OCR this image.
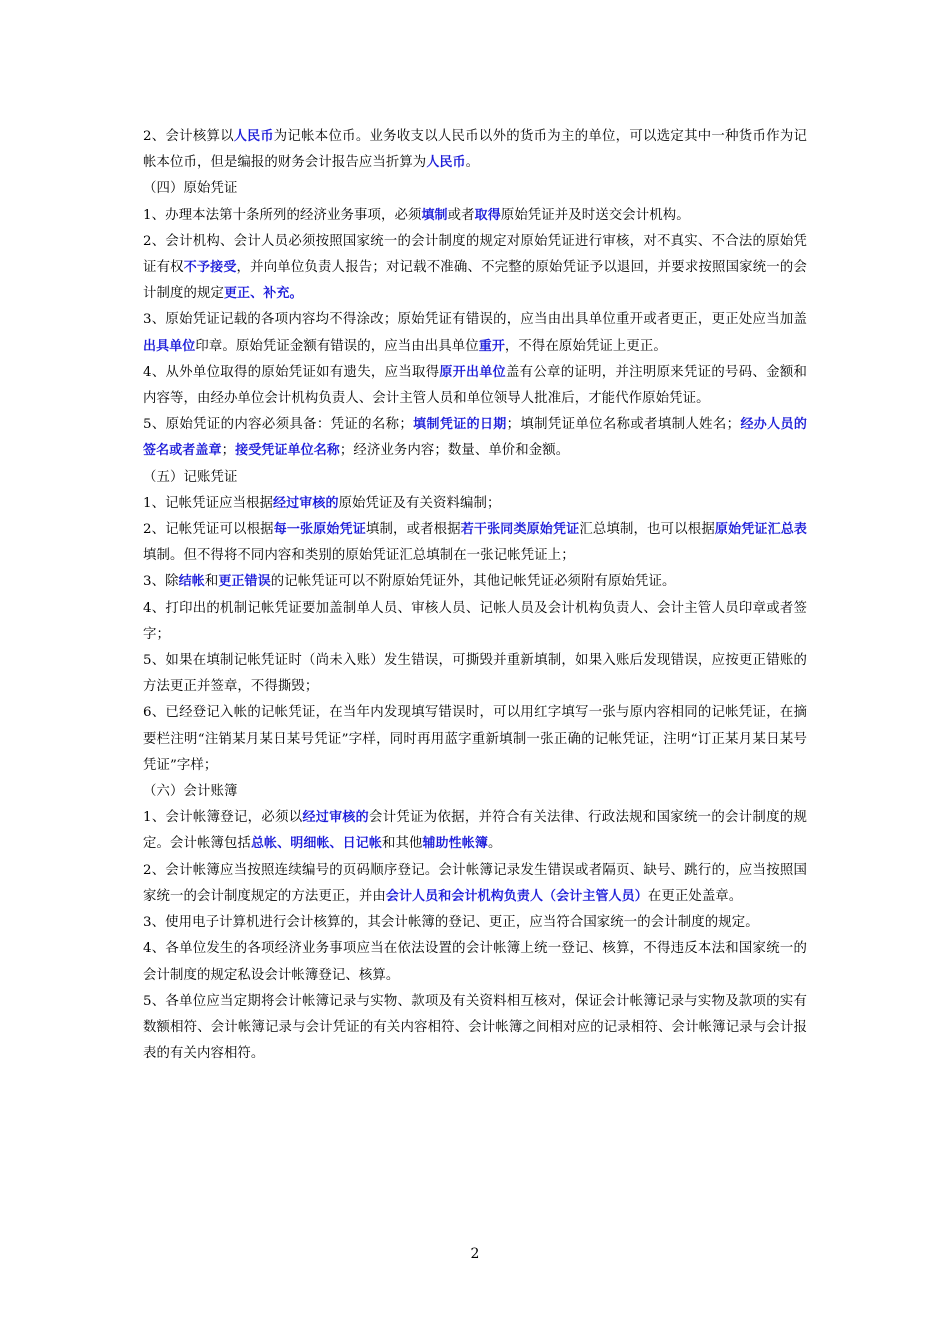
2、会计核算以人民币为记帐本位币。业务收支以人民币以外的货币为主的单位，可以选定其中一种货币作为记帐本位币，但是编报的财务会计报告应当折算为人民币。

（四）原始凭证

1、办理本法第十条所列的经济业务事项，必须填制或者取得原始凭证并及时送交会计机构。

2、会计机构、会计人员必须按照国家统一的会计制度的规定对原始凭证进行审核，对不真实、不合法的原始凭证有权不予接受，并向单位负责人报告；对记载不准确、不完整的原始凭证予以退回，并要求按照国家统一的会计制度的规定更正、补充。

3、原始凭证记载的各项内容均不得涂改；原始凭证有错误的，应当由出具单位重开或者更正，更正处应当加盖出具单位印章。原始凭证金额有错误的，应当由出具单位重开，不得在原始凭证上更正。

4、从外单位取得的原始凭证如有遗失，应当取得原开出单位盖有公章的证明，并注明原来凭证的号码、金额和内容等，由经办单位会计机构负责人、会计主管人员和单位领导人批准后，才能代作原始凭证。

5、原始凭证的内容必须具备：凭证的名称；填制凭证的日期；填制凭证单位名称或者填制人姓名；经办人员的签名或者盖章；接受凭证单位名称；经济业务内容；数量、单价和金额。

（五）记账凭证

1、记帐凭证应当根据经过审核的原始凭证及有关资料编制；

2、记帐凭证可以根据每一张原始凭证填制，或者根据若干张同类原始凭证汇总填制，也可以根据原始凭证汇总表填制。但不得将不同内容和类别的原始凭证汇总填制在一张记帐凭证上；

3、除结帐和更正错误的记帐凭证可以不附原始凭证外，其他记帐凭证必须附有原始凭证。

4、打印出的机制记帐凭证要加盖制单人员、审核人员、记帐人员及会计机构负责人、会计主管人员印章或者签字；

5、如果在填制记帐凭证时（尚未入账）发生错误，可撕毁并重新填制，如果入账后发现错误，应按更正错账的方法更正并签章，不得撕毁；

6、已经登记入帐的记帐凭证，在当年内发现填写错误时，可以用红字填写一张与原内容相同的记帐凭证，在摘要栏注明“注销某月某日某号凭证”字样，同时再用蓝字重新填制一张正确的记帐凭证，注明“订正某月某日某号凭证”字样；

（六）会计账簿

1、会计帐簿登记，必须以经过审核的会计凭证为依据，并符合有关法律、行政法规和国家统一的会计制度的规定。会计帐簿包括总帐、明细帐、日记帐和其他辅助性帐簿。

2、会计帐簿应当按照连续编号的页码顺序登记。会计帐簿记录发生错误或者隔页、缺号、跳行的，应当按照国家统一的会计制度规定的方法更正，并由会计人员和会计机构负责人（会计主管人员）在更正处盖章。

3、使用电子计算机进行会计核算的，其会计帐簿的登记、更正，应当符合国家统一的会计制度的规定。

4、各单位发生的各项经济业务事项应当在依法设置的会计帐簿上统一登记、核算，不得违反本法和国家统一的会计制度的规定私设会计帐簿登记、核算。

5、各单位应当定期将会计帐簿记录与实物、款项及有关资料相互核对，保证会计帐簿记录与实物及款项的实有数额相符、会计帐簿记录与会计凭证的有关内容相符、会计帐簿之间相对应的记录相符、会计帐簿记录与会计报表的有关内容相符。

2
